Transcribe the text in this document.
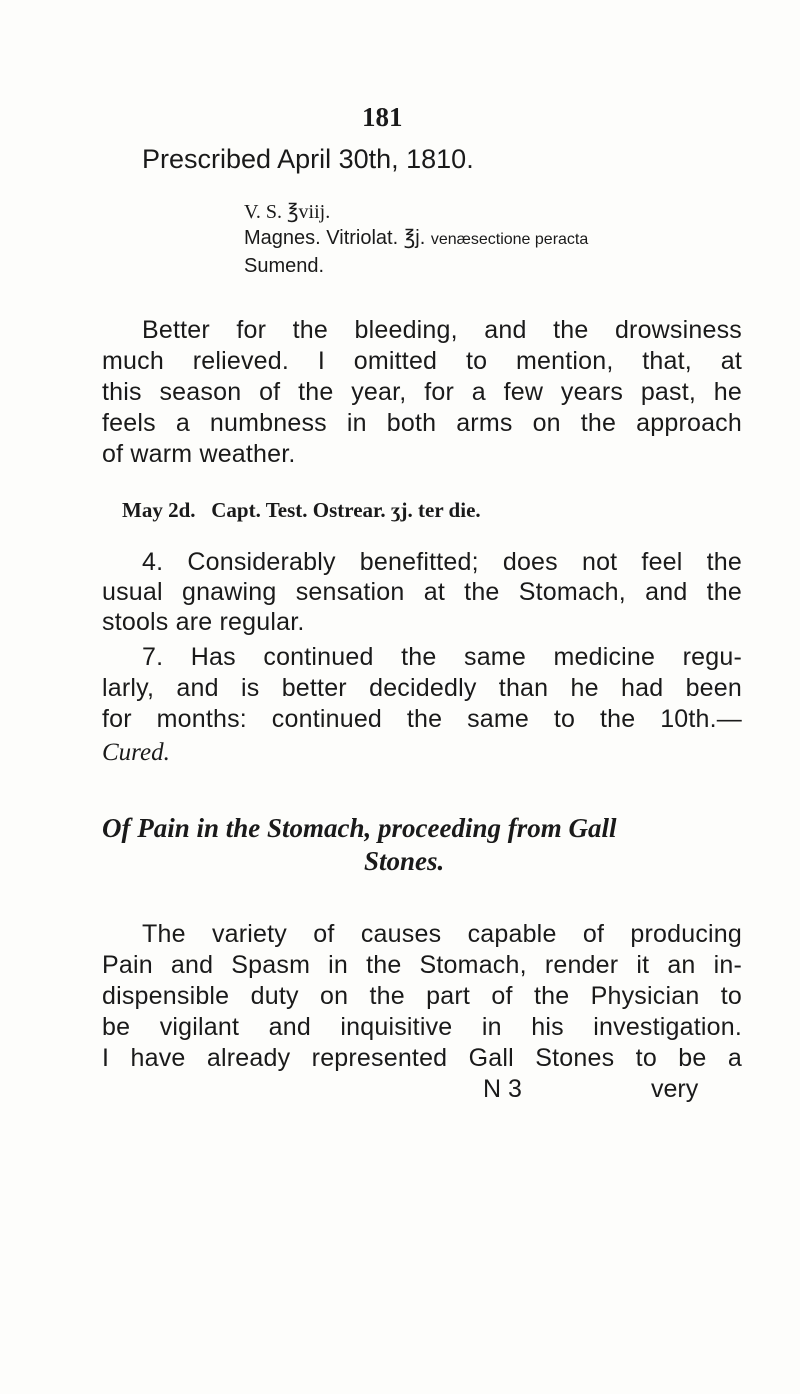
181
Prescribed April 30th, 1810.
V. S. ℥viij.
Magnes. Vitriolat. ℥j. venæsectione peracta
Sumend.
Better for the bleeding, and the drowsiness
much relieved. I omitted to mention, that, at
this season of the year, for a few years past, he
feels a numbness in both arms on the approach
of warm weather.
May 2d.   Capt. Test. Ostrear. ʒj. ter die.
4. Considerably benefitted; does not feel the
usual gnawing sensation at the Stomach, and the
stools are regular.
7. Has continued the same medicine regu-
larly, and is better decidedly than he had been
for months: continued the same to the 10th.—
Cured.
Of Pain in the Stomach, proceeding from Gall
Stones.
The variety of causes capable of producing
Pain and Spasm in the Stomach, render it an in-
dispensible duty on the part of the Physician to
be vigilant and inquisitive in his investigation.
I have already represented Gall Stones to be a
N 3	very
